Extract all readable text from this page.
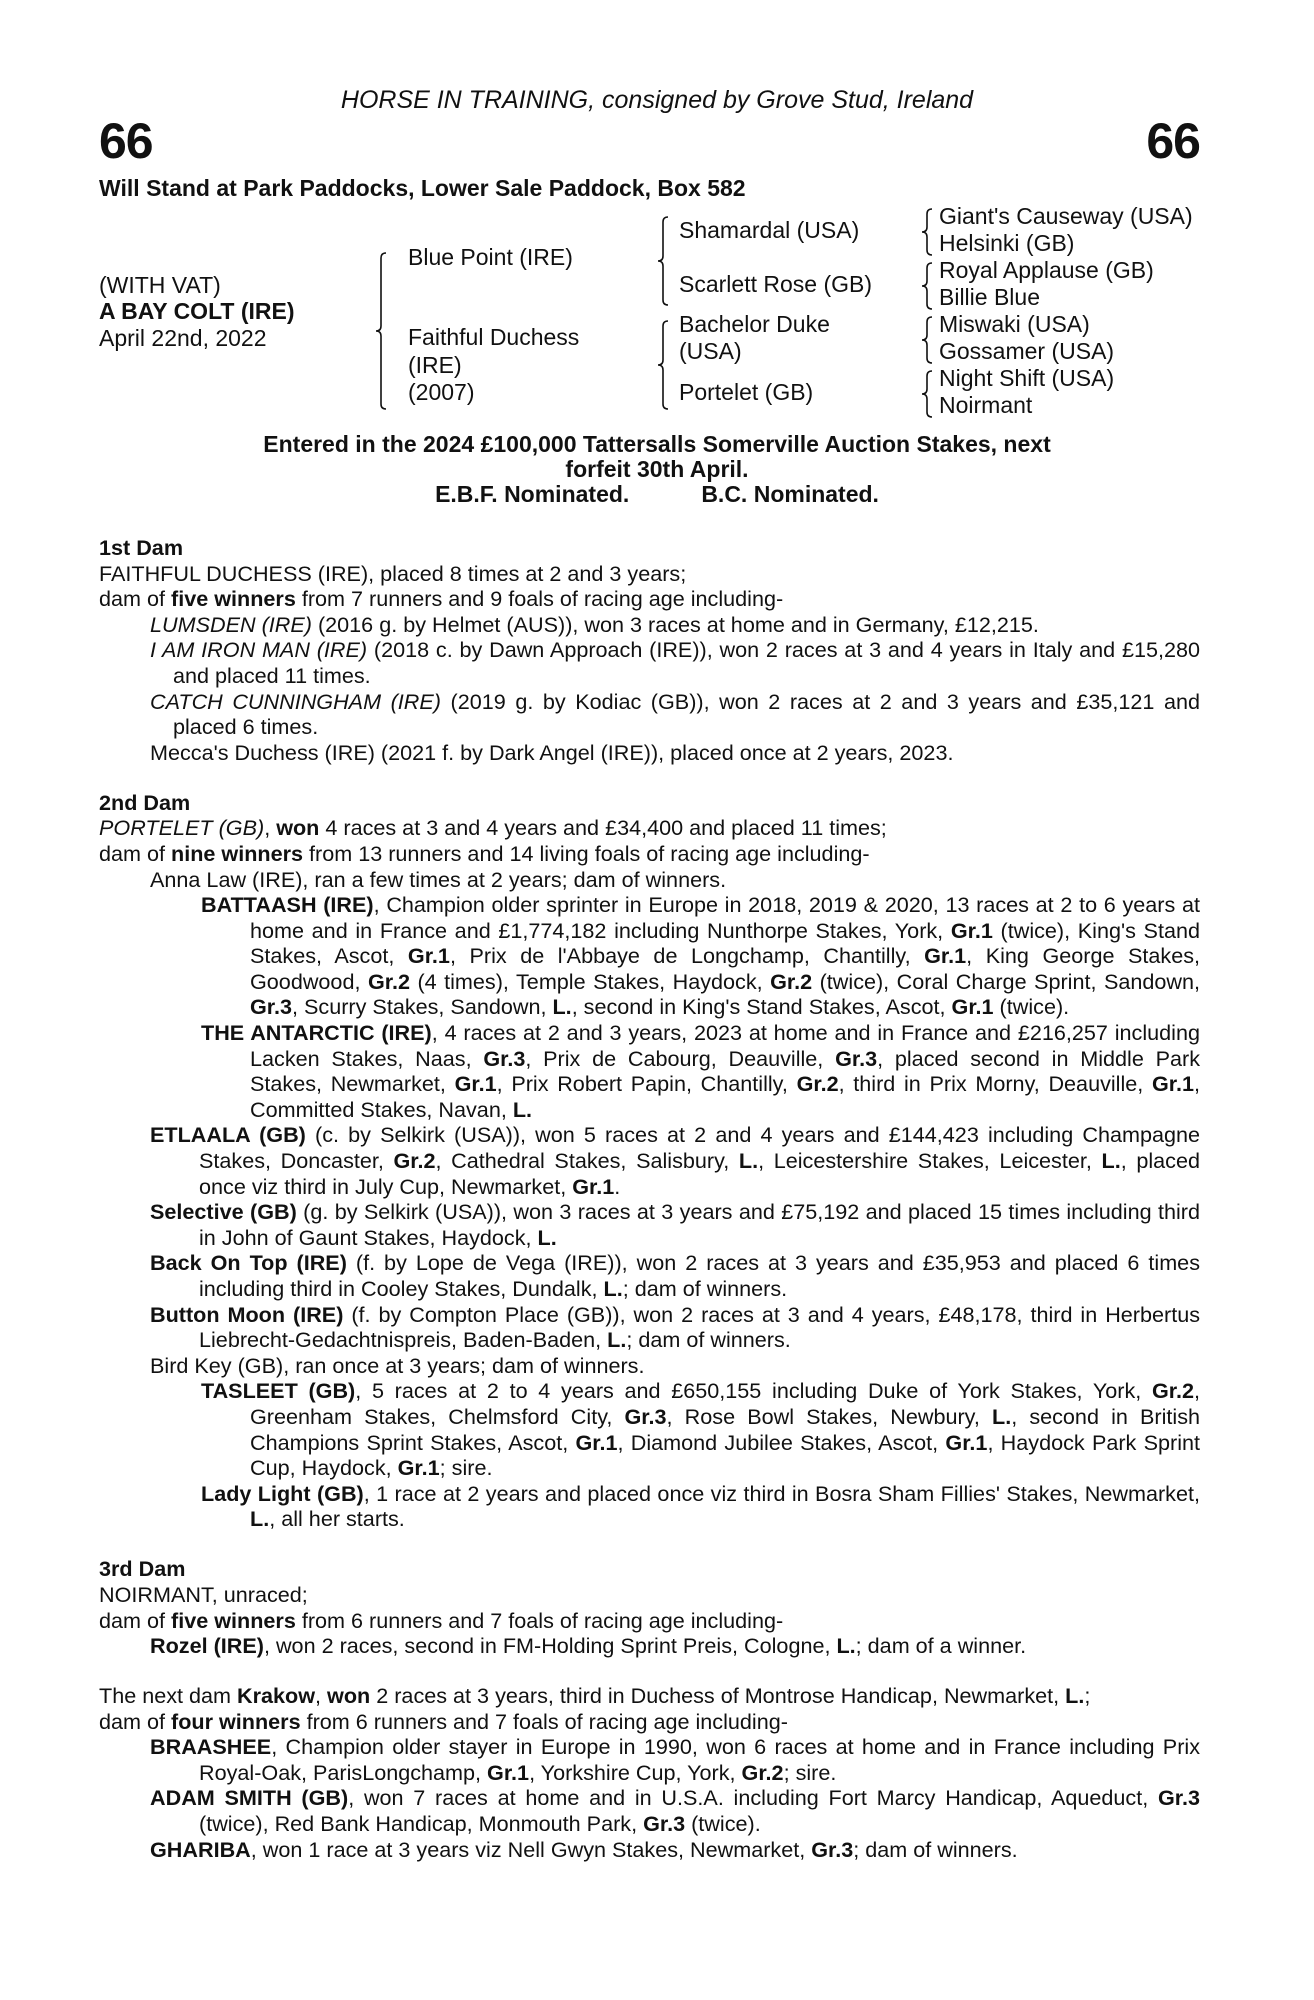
HORSE IN TRAINING, consigned by Grove Stud, Ireland
66	66
Will Stand at Park Paddocks, Lower Sale Paddock, Box 582
(WITH VAT)
A BAY COLT (IRE)
April 22nd, 2022
Blue Point (IRE)
Faithful Duchess
(IRE)
(2007)
Shamardal (USA)
Scarlett Rose (GB)
Bachelor Duke
(USA)
Portelet (GB)
Giant's Causeway (USA)
Helsinki (GB)
Royal Applause (GB)
Billie Blue
Miswaki (USA)
Gossamer (USA)
Night Shift (USA)
Noirmant
Entered in the 2024 £100,000 Tattersalls Somerville Auction Stakes, next
forfeit 30th April.
E.B.F. Nominated.	B.C. Nominated.
1st Dam

FAITHFUL DUCHESS (IRE), placed 8 times at 2 and 3 years;

dam of five winners from 7 runners and 9 foals of racing age including-

LUMSDEN (IRE) (2016 g. by Helmet (AUS)), won 3 races at home and in Germany, £12,215.

I AM IRON MAN (IRE) (2018 c. by Dawn Approach (IRE)), won 2 races at 3 and 4 years in Italy and £15,280 and placed 11 times.

CATCH CUNNINGHAM (IRE) (2019 g. by Kodiac (GB)), won 2 races at 2 and 3 years and £35,121 and placed 6 times.

Mecca's Duchess (IRE) (2021 f. by Dark Angel (IRE)), placed once at 2 years, 2023.

2nd Dam

PORTELET (GB), won 4 races at 3 and 4 years and £34,400 and placed 11 times;

dam of nine winners from 13 runners and 14 living foals of racing age including-

Anna Law (IRE), ran a few times at 2 years; dam of winners.

BATTAASH (IRE), Champion older sprinter in Europe in 2018, 2019 & 2020, 13 races at 2 to 6 years at home and in France and £1,774,182 including Nunthorpe Stakes, York, Gr.1 (twice), King's Stand Stakes, Ascot, Gr.1, Prix de l'Abbaye de Longchamp, Chantilly, Gr.1, King George Stakes, Goodwood, Gr.2 (4 times), Temple Stakes, Haydock, Gr.2 (twice), Coral Charge Sprint, Sandown, Gr.3, Scurry Stakes, Sandown, L., second in King's Stand Stakes, Ascot, Gr.1 (twice).

THE ANTARCTIC (IRE), 4 races at 2 and 3 years, 2023 at home and in France and £216,257 including Lacken Stakes, Naas, Gr.3, Prix de Cabourg, Deauville, Gr.3, placed second in Middle Park Stakes, Newmarket, Gr.1, Prix Robert Papin, Chantilly, Gr.2, third in Prix Morny, Deauville, Gr.1, Committed Stakes, Navan, L.

ETLAALA (GB) (c. by Selkirk (USA)), won 5 races at 2 and 4 years and £144,423 including Champagne Stakes, Doncaster, Gr.2, Cathedral Stakes, Salisbury, L., Leicestershire Stakes, Leicester, L., placed once viz third in July Cup, Newmarket, Gr.1.

Selective (GB) (g. by Selkirk (USA)), won 3 races at 3 years and £75,192 and placed 15 times including third in John of Gaunt Stakes, Haydock, L.

Back On Top (IRE) (f. by Lope de Vega (IRE)), won 2 races at 3 years and £35,953 and placed 6 times including third in Cooley Stakes, Dundalk, L.; dam of winners.

Button Moon (IRE) (f. by Compton Place (GB)), won 2 races at 3 and 4 years, £48,178, third in Herbertus Liebrecht-Gedachtnispreis, Baden-Baden, L.; dam of winners.

Bird Key (GB), ran once at 3 years; dam of winners.

TASLEET (GB), 5 races at 2 to 4 years and £650,155 including Duke of York Stakes, York, Gr.2, Greenham Stakes, Chelmsford City, Gr.3, Rose Bowl Stakes, Newbury, L., second in British Champions Sprint Stakes, Ascot, Gr.1, Diamond Jubilee Stakes, Ascot, Gr.1, Haydock Park Sprint Cup, Haydock, Gr.1; sire.

Lady Light (GB), 1 race at 2 years and placed once viz third in Bosra Sham Fillies' Stakes, Newmarket, L., all her starts.

3rd Dam

NOIRMANT, unraced;

dam of five winners from 6 runners and 7 foals of racing age including-

Rozel (IRE), won 2 races, second in FM-Holding Sprint Preis, Cologne, L.; dam of a winner.

The next dam Krakow, won 2 races at 3 years, third in Duchess of Montrose Handicap, Newmarket, L.;

dam of four winners from 6 runners and 7 foals of racing age including-

BRAASHEE, Champion older stayer in Europe in 1990, won 6 races at home and in France including Prix Royal-Oak, ParisLongchamp, Gr.1, Yorkshire Cup, York, Gr.2; sire.

ADAM SMITH (GB), won 7 races at home and in U.S.A. including Fort Marcy Handicap, Aqueduct, Gr.3 (twice), Red Bank Handicap, Monmouth Park, Gr.3 (twice).

GHARIBA, won 1 race at 3 years viz Nell Gwyn Stakes, Newmarket, Gr.3; dam of winners.
